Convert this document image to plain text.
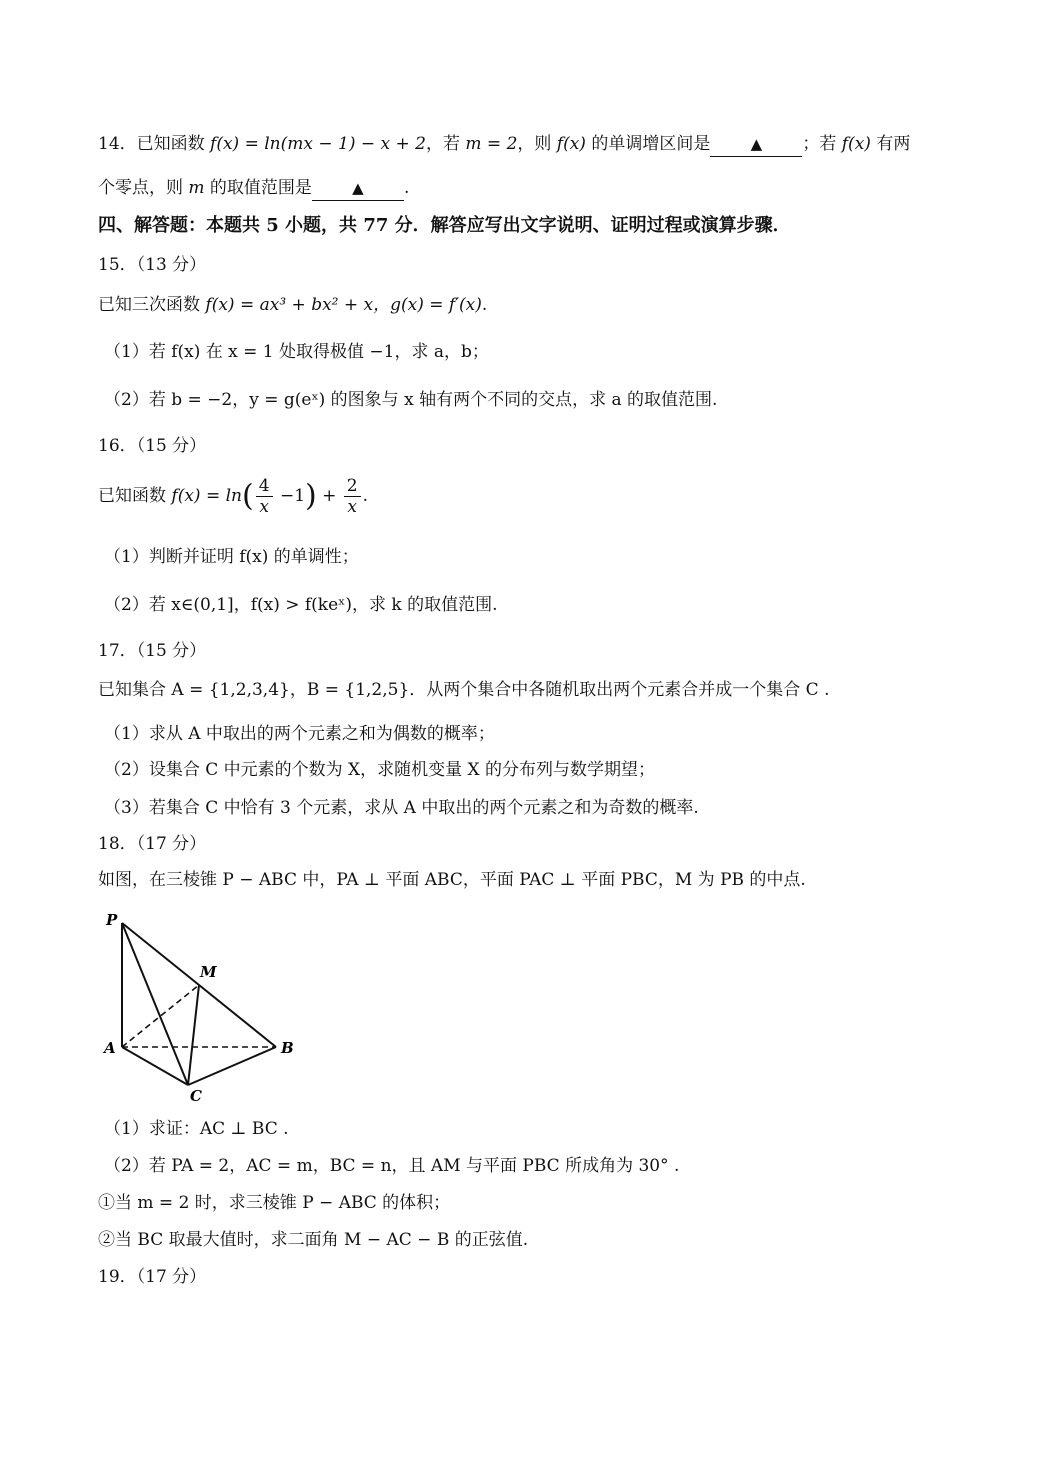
14．已知函数 f(x) = ln(mx − 1) − x + 2，若 m = 2，则 f(x) 的单调增区间是	▲ ；若 f(x) 有两
个零点，则 m 的取值范围是	▲ .
四、解答题：本题共 5 小题，共 77 分．解答应写出文字说明、证明过程或演算步骤．
15．（13 分）
已知三次函数 f(x) = ax³ + bx² + x，g(x) = f′(x).
（1）若 f(x) 在 x = 1 处取得极值 −1，求 a，b；
（2）若 b = −2，y = g(eˣ) 的图象与 x 轴有两个不同的交点，求 a 的取值范围.
16．（15 分）
已知函数 $f(x) = \ln( \frac{4}{x} -1) + \frac{2}{x}$ .
（1）判断并证明 f(x) 的单调性；
（2）若 x∈(0,1]，f(x) > f(keˣ)，求 k 的取值范围.
17．（15 分）
已知集合 A = {1,2,3,4}，B = {1,2,5}．从两个集合中各随机取出两个元素合并成一个集合 C .
（1）求从 A 中取出的两个元素之和为偶数的概率；
（2）设集合 C 中元素的个数为 X，求随机变量 X 的分布列与数学期望；
（3）若集合 C 中恰有 3 个元素，求从 A 中取出的两个元素之和为奇数的概率.
18．（17 分）
如图，在三棱锥 P − ABC 中，PA ⊥ 平面 ABC，平面 PAC ⊥ 平面 PBC，M 为 PB 的中点.
P
M
A	B
C
（1）求证：AC ⊥ BC .
（2）若 PA = 2，AC = m，BC = n，且 AM 与平面 PBC 所成角为 30° .
①当 m = 2 时，求三棱锥 P − ABC 的体积；
②当 BC 取最大值时，求二面角 M − AC − B 的正弦值.
19．（17 分）
